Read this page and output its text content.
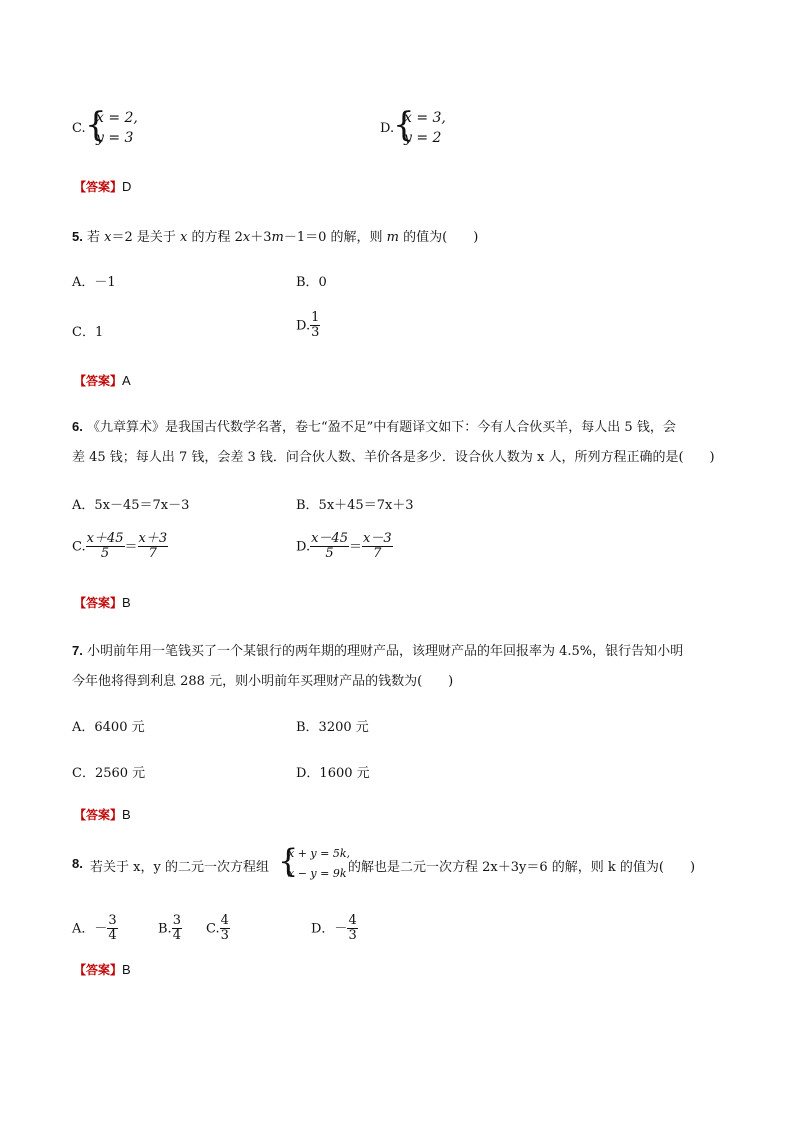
C. {
x = 2,
y = 3
D.
{
x = 3,
y = 2
【答案】D
5. 若 x＝2 是关于 x 的方程 2x＋3m－1＝0 的解，则 m 的值为(　　)
A．－1	B．0
C．1	D. $\frac{1}{3}$
【答案】A
6. 《九章算术》是我国古代数学名著，卷七“盈不足”中有题译文如下：今有人合伙买羊，每人出 5 钱，会
差 45 钱；每人出 7 钱，会差 3 钱．问合伙人数、羊价各是多少．设合伙人数为 x 人，所列方程正确的是(　　)
A．5x－45＝7x－3	B．5x＋45＝7x＋3
C. $\frac{x+45}{5} = \frac{x+3}{7}$	D. $\frac{x-45}{5} = \frac{x-3}{7}$
【答案】B
7. 小明前年用一笔钱买了一个某银行的两年期的理财产品，该理财产品的年回报率为 4.5%，银行告知小明
今年他将得到利息 288 元，则小明前年买理财产品的钱数为(　　)
A．6400 元	B．3200 元
C．2560 元	D．1600 元
【答案】B
8. 若关于 x，y 的二元一次方程组 {
x + y = 5k,
x − y = 9k 的解也是二元一次方程 2x＋3y＝6 的解，则 k 的值为(　　)
A．－ $\frac{3}{4}$	B. $\frac{3}{4} C$. $\frac{4}{3}$	D．－ $\frac{4}{3}$
【答案】B
